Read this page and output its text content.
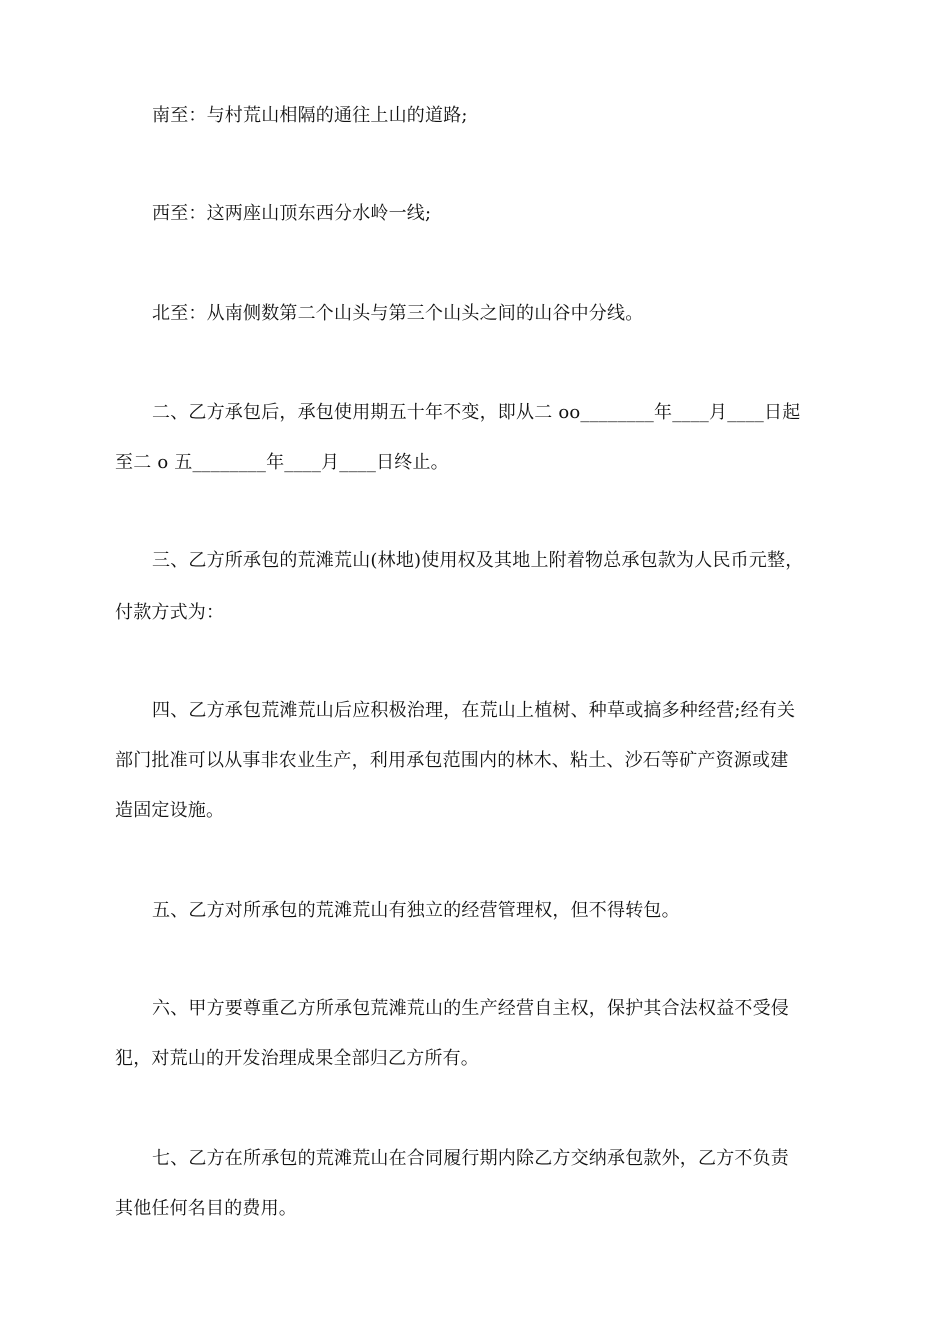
南至：与村荒山相隔的通往上山的道路;
西至：这两座山顶东西分水岭一线;
北至：从南侧数第二个山头与第三个山头之间的山谷中分线。
二、乙方承包后，承包使用期五十年不变，即从二 oo________年____月____日起
至二 o 五________年____月____日终止。
三、乙方所承包的荒滩荒山(林地)使用权及其地上附着物总承包款为人民币元整，
付款方式为：
四、乙方承包荒滩荒山后应积极治理，在荒山上植树、种草或搞多种经营;经有关
部门批准可以从事非农业生产，利用承包范围内的林木、粘土、沙石等矿产资源或建
造固定设施。
五、乙方对所承包的荒滩荒山有独立的经营管理权，但不得转包。
六、甲方要尊重乙方所承包荒滩荒山的生产经营自主权，保护其合法权益不受侵
犯，对荒山的开发治理成果全部归乙方所有。
七、乙方在所承包的荒滩荒山在合同履行期内除乙方交纳承包款外，乙方不负责
其他任何名目的费用。
